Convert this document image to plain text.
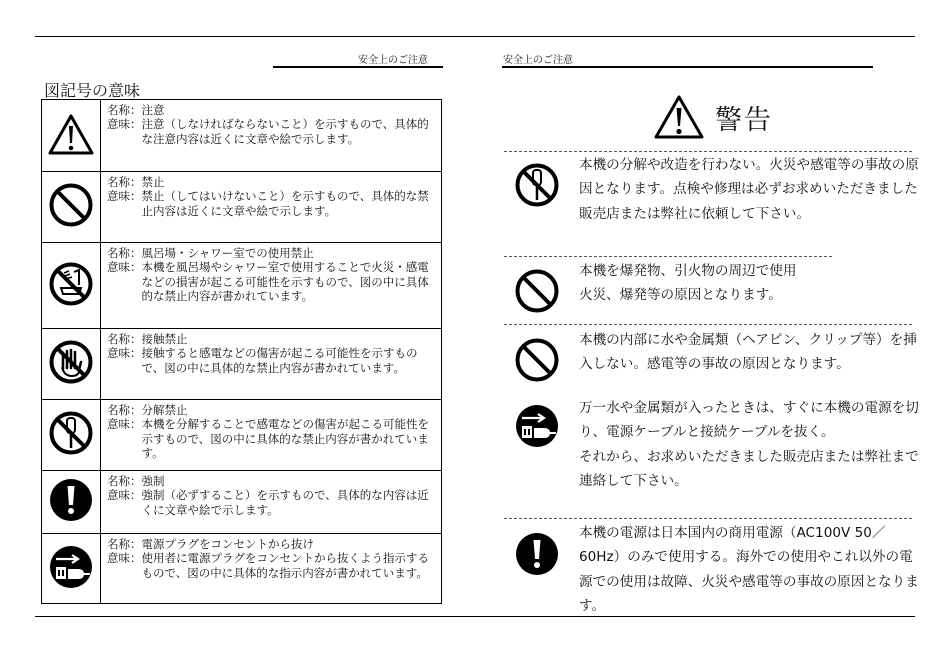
安全上のご注意	安全上のご注意
図記号の意味

名称： 注意
意味： 注意（しなければならないこと）を示すもので、具体的な注意内容は近くに文章や絵で示します。

名称： 禁止
意味： 禁止（してはいけないこと）を示すもので、具体的な禁止内容は近くに文章や絵で示します。

名称： 風呂場・シャワー室での使用禁止
意味： 本機を風呂場やシャワー室で使用することで火災・感電などの損害が起こる可能性を示すもので、図の中に具体的な禁止内容が書かれています。

名称： 接触禁止
意味： 接触すると感電などの傷害が起こる可能性を示すもので、図の中に具体的な禁止内容が書かれています。

名称： 分解禁止
意味： 本機を分解することで感電などの傷害が起こる可能性を示すもので、図の中に具体的な禁止内容が書かれています。

名称： 強制
意味： 強制（必ずすること）を示すもので、具体的な内容は近くに文章や絵で示します。

名称： 電源プラグをコンセントから抜け
意味： 使用者に電源プラグをコンセントから抜くよう指示するもので、図の中に具体的な指示内容が書かれています。
警告
本機の分解や改造を行わない。火災や感電等の事故の原因となります。点検や修理は必ずお求めいただきました販売店または弊社に依頼して下さい。
本機を爆発物、引火物の周辺で使用
火災、爆発等の原因となります。
本機の内部に水や金属類（ヘアピン、クリップ等）を挿入しない。感電等の事故の原因となります。
万一水や金属類が入ったときは、すぐに本機の電源を切り、電源ケーブルと接続ケーブルを抜く。
それから、お求めいただきました販売店または弊社まで連絡して下さい。
本機の電源は日本国内の商用電源（AC100V 50／60Hz）のみで使用する。海外での使用やこれ以外の電源での使用は故障、火災や感電等の事故の原因となります。
